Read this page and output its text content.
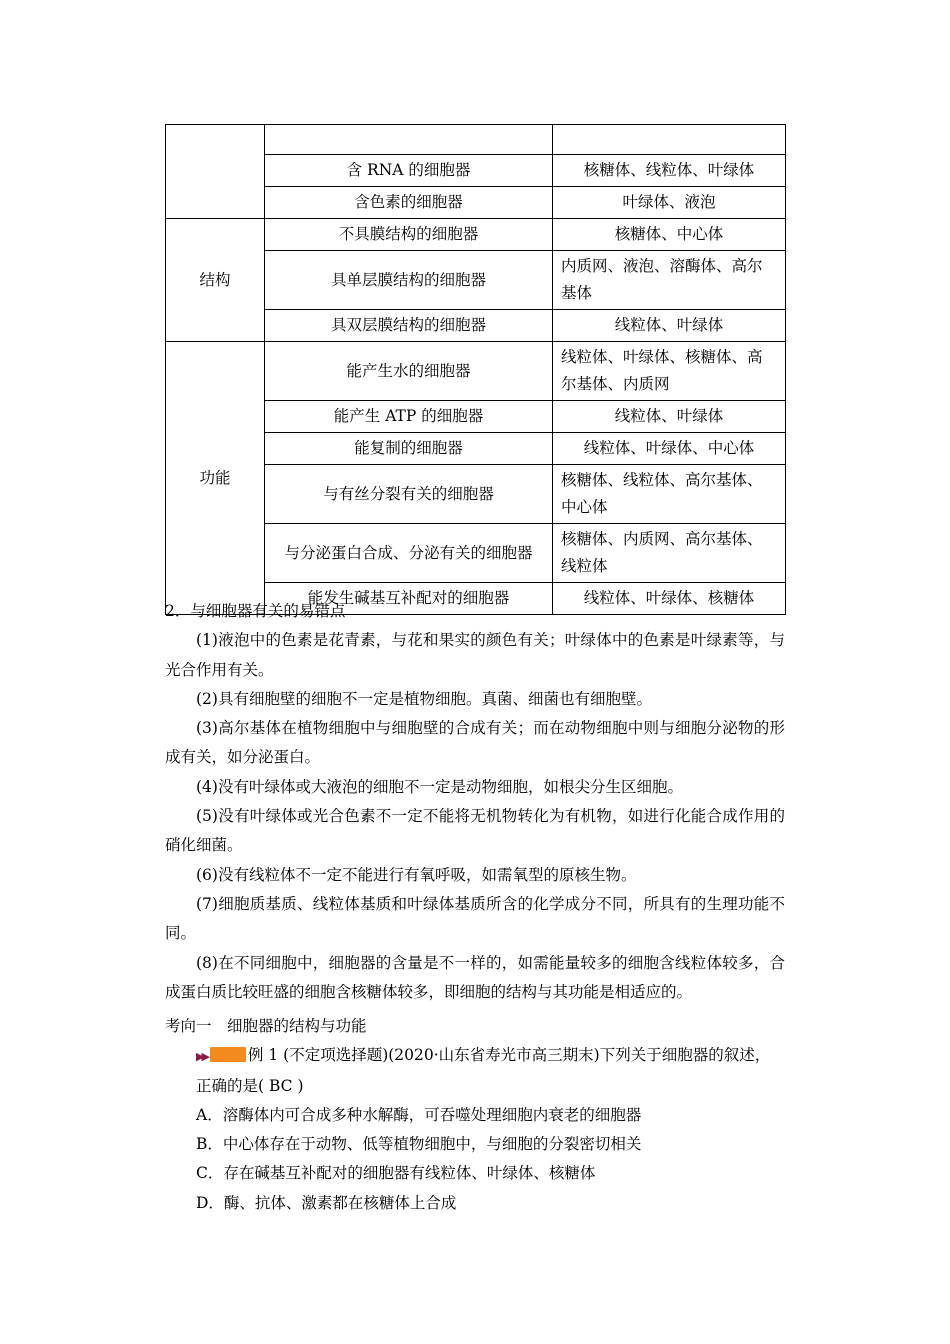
	含 RNA 的细胞器	核糖体、线粒体、叶绿体
	含色素的细胞器	叶绿体、液泡
结构	不具膜结构的细胞器	核糖体、中心体
	具单层膜结构的细胞器	内质网、液泡、溶酶体、高尔基体
	具双层膜结构的细胞器	线粒体、叶绿体
功能	能产生水的细胞器	线粒体、叶绿体、核糖体、高尔基体、内质网
	能产生 ATP 的细胞器	线粒体、叶绿体
	能复制的细胞器	线粒体、叶绿体、中心体
	与有丝分裂有关的细胞器	核糖体、线粒体、高尔基体、中心体
	与分泌蛋白合成、分泌有关的细胞器	核糖体、内质网、高尔基体、线粒体
	能发生碱基互补配对的细胞器	线粒体、叶绿体、核糖体

2．与细胞器有关的易错点

(1)液泡中的色素是花青素，与花和果实的颜色有关；叶绿体中的色素是叶绿素等，与光合作用有关。

(2)具有细胞壁的细胞不一定是植物细胞。真菌、细菌也有细胞壁。

(3)高尔基体在植物细胞中与细胞壁的合成有关；而在动物细胞中则与细胞分泌物的形成有关，如分泌蛋白。

(4)没有叶绿体或大液泡的细胞不一定是动物细胞，如根尖分生区细胞。

(5)没有叶绿体或光合色素不一定不能将无机物转化为有机物，如进行化能合成作用的硝化细菌。

(6)没有线粒体不一定不能进行有氧呼吸，如需氧型的原核生物。

(7)细胞质基质、线粒体基质和叶绿体基质所含的化学成分不同，所具有的生理功能不同。

(8)在不同细胞中，细胞器的含量是不一样的，如需能量较多的细胞含线粒体较多，合成蛋白质比较旺盛的细胞含核糖体较多，即细胞的结构与其功能是相适应的。

考向一　细胞器的结构与功能

▶▶	例 1 (不定项选择题)(2020·山东省寿光市高三期末)下列关于细胞器的叙述，正确的是( BC )

A．溶酶体内可合成多种水解酶，可吞噬处理细胞内衰老的细胞器

B．中心体存在于动物、低等植物细胞中，与细胞的分裂密切相关

C．存在碱基互补配对的细胞器有线粒体、叶绿体、核糖体

D．酶、抗体、激素都在核糖体上合成
